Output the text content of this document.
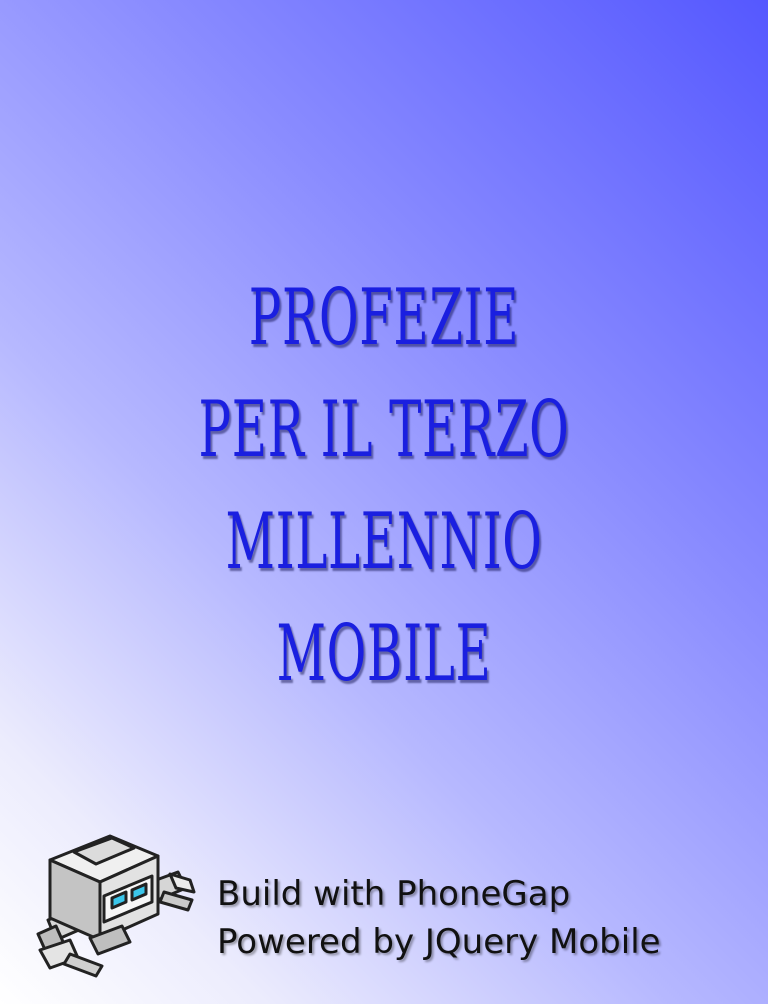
PROFEZIE
PER IL TERZO
MILLENNIO
MOBILE
Build with PhoneGap
Powered by JQuery Mobile
